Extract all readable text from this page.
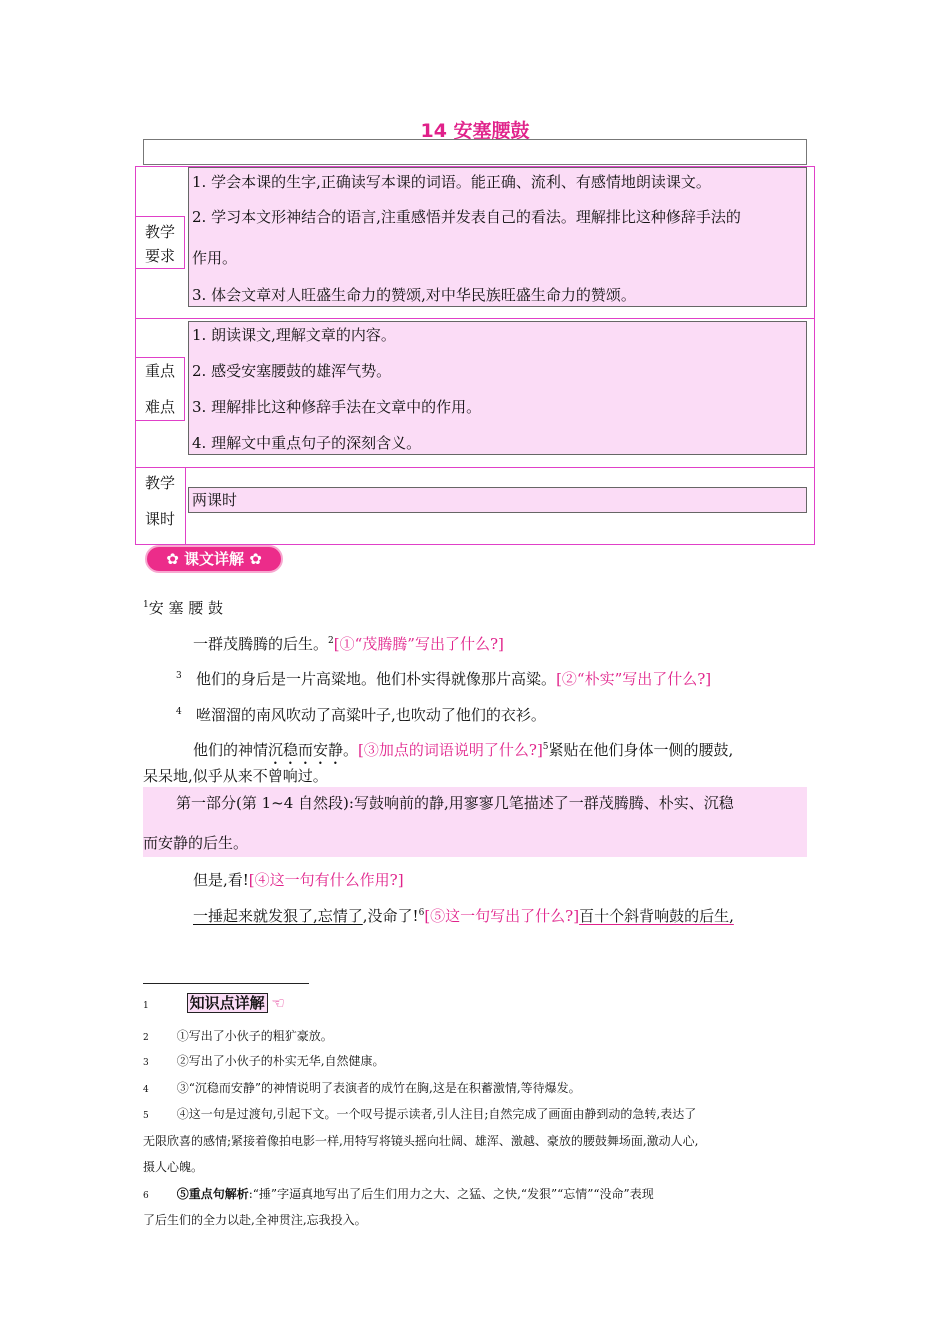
14 安塞腰鼓
教学
要求
1. 学会本课的生字,正确读写本课的词语。能正确、流利、有感情地朗读课文。
2. 学习本文形神结合的语言,注重感悟并发表自己的看法。理解排比这种修辞手法的
作用。
3. 体会文章对人旺盛生命力的赞颂,对中华民族旺盛生命力的赞颂。
重点
难点
1. 朗读课文,理解文章的内容。
2. 感受安塞腰鼓的雄浑气势。
3. 理解排比这种修辞手法在文章中的作用。
4. 理解文中重点句子的深刻含义。
教学
课时
两课时
✿ 课文详解 ✿
$^1$安 塞 腰 鼓
一群茂腾腾的后生。$^2$[①“茂腾腾”写出了什么?]
$^3$ 他们的身后是一片高粱地。他们朴实得就像那片高粱。[②“朴实”写出了什么?]
$^4$ 咝溜溜的南风吹动了高粱叶子,也吹动了他们的衣衫。
他们的神情沉稳而安静。[③加点的词语说明了什么?]$^5$紧贴在他们身体一侧的腰鼓,
呆呆地,似乎从来不曾响过。
第一部分(第 1~4 自然段):写鼓响前的静,用寥寥几笔描述了一群茂腾腾、朴实、沉稳
而安静的后生。
但是,看![④这一句有什么作用?]
一捶起来就发狠了,忘情了,没命了!$^6$[⑤这一句写出了什么?]百十个斜背响鼓的后生,
1	知识点详解 ☜
2 ①写出了小伙子的粗犷豪放。
3 ②写出了小伙子的朴实无华,自然健康。
4 ③“沉稳而安静”的神情说明了表演者的成竹在胸,这是在积蓄激情,等待爆发。
5 ④这一句是过渡句,引起下文。一个叹号提示读者,引人注目;自然完成了画面由静到动的急转,表达了
无限欣喜的感情;紧接着像拍电影一样,用特写将镜头摇向壮阔、雄浑、激越、豪放的腰鼓舞场面,激动人心,
摄人心魄。
6 ⑤重点句解析:“捶”字逼真地写出了后生们用力之大、之猛、之快,“发狠”“忘情”“没命”表现
了后生们的全力以赴,全神贯注,忘我投入。
